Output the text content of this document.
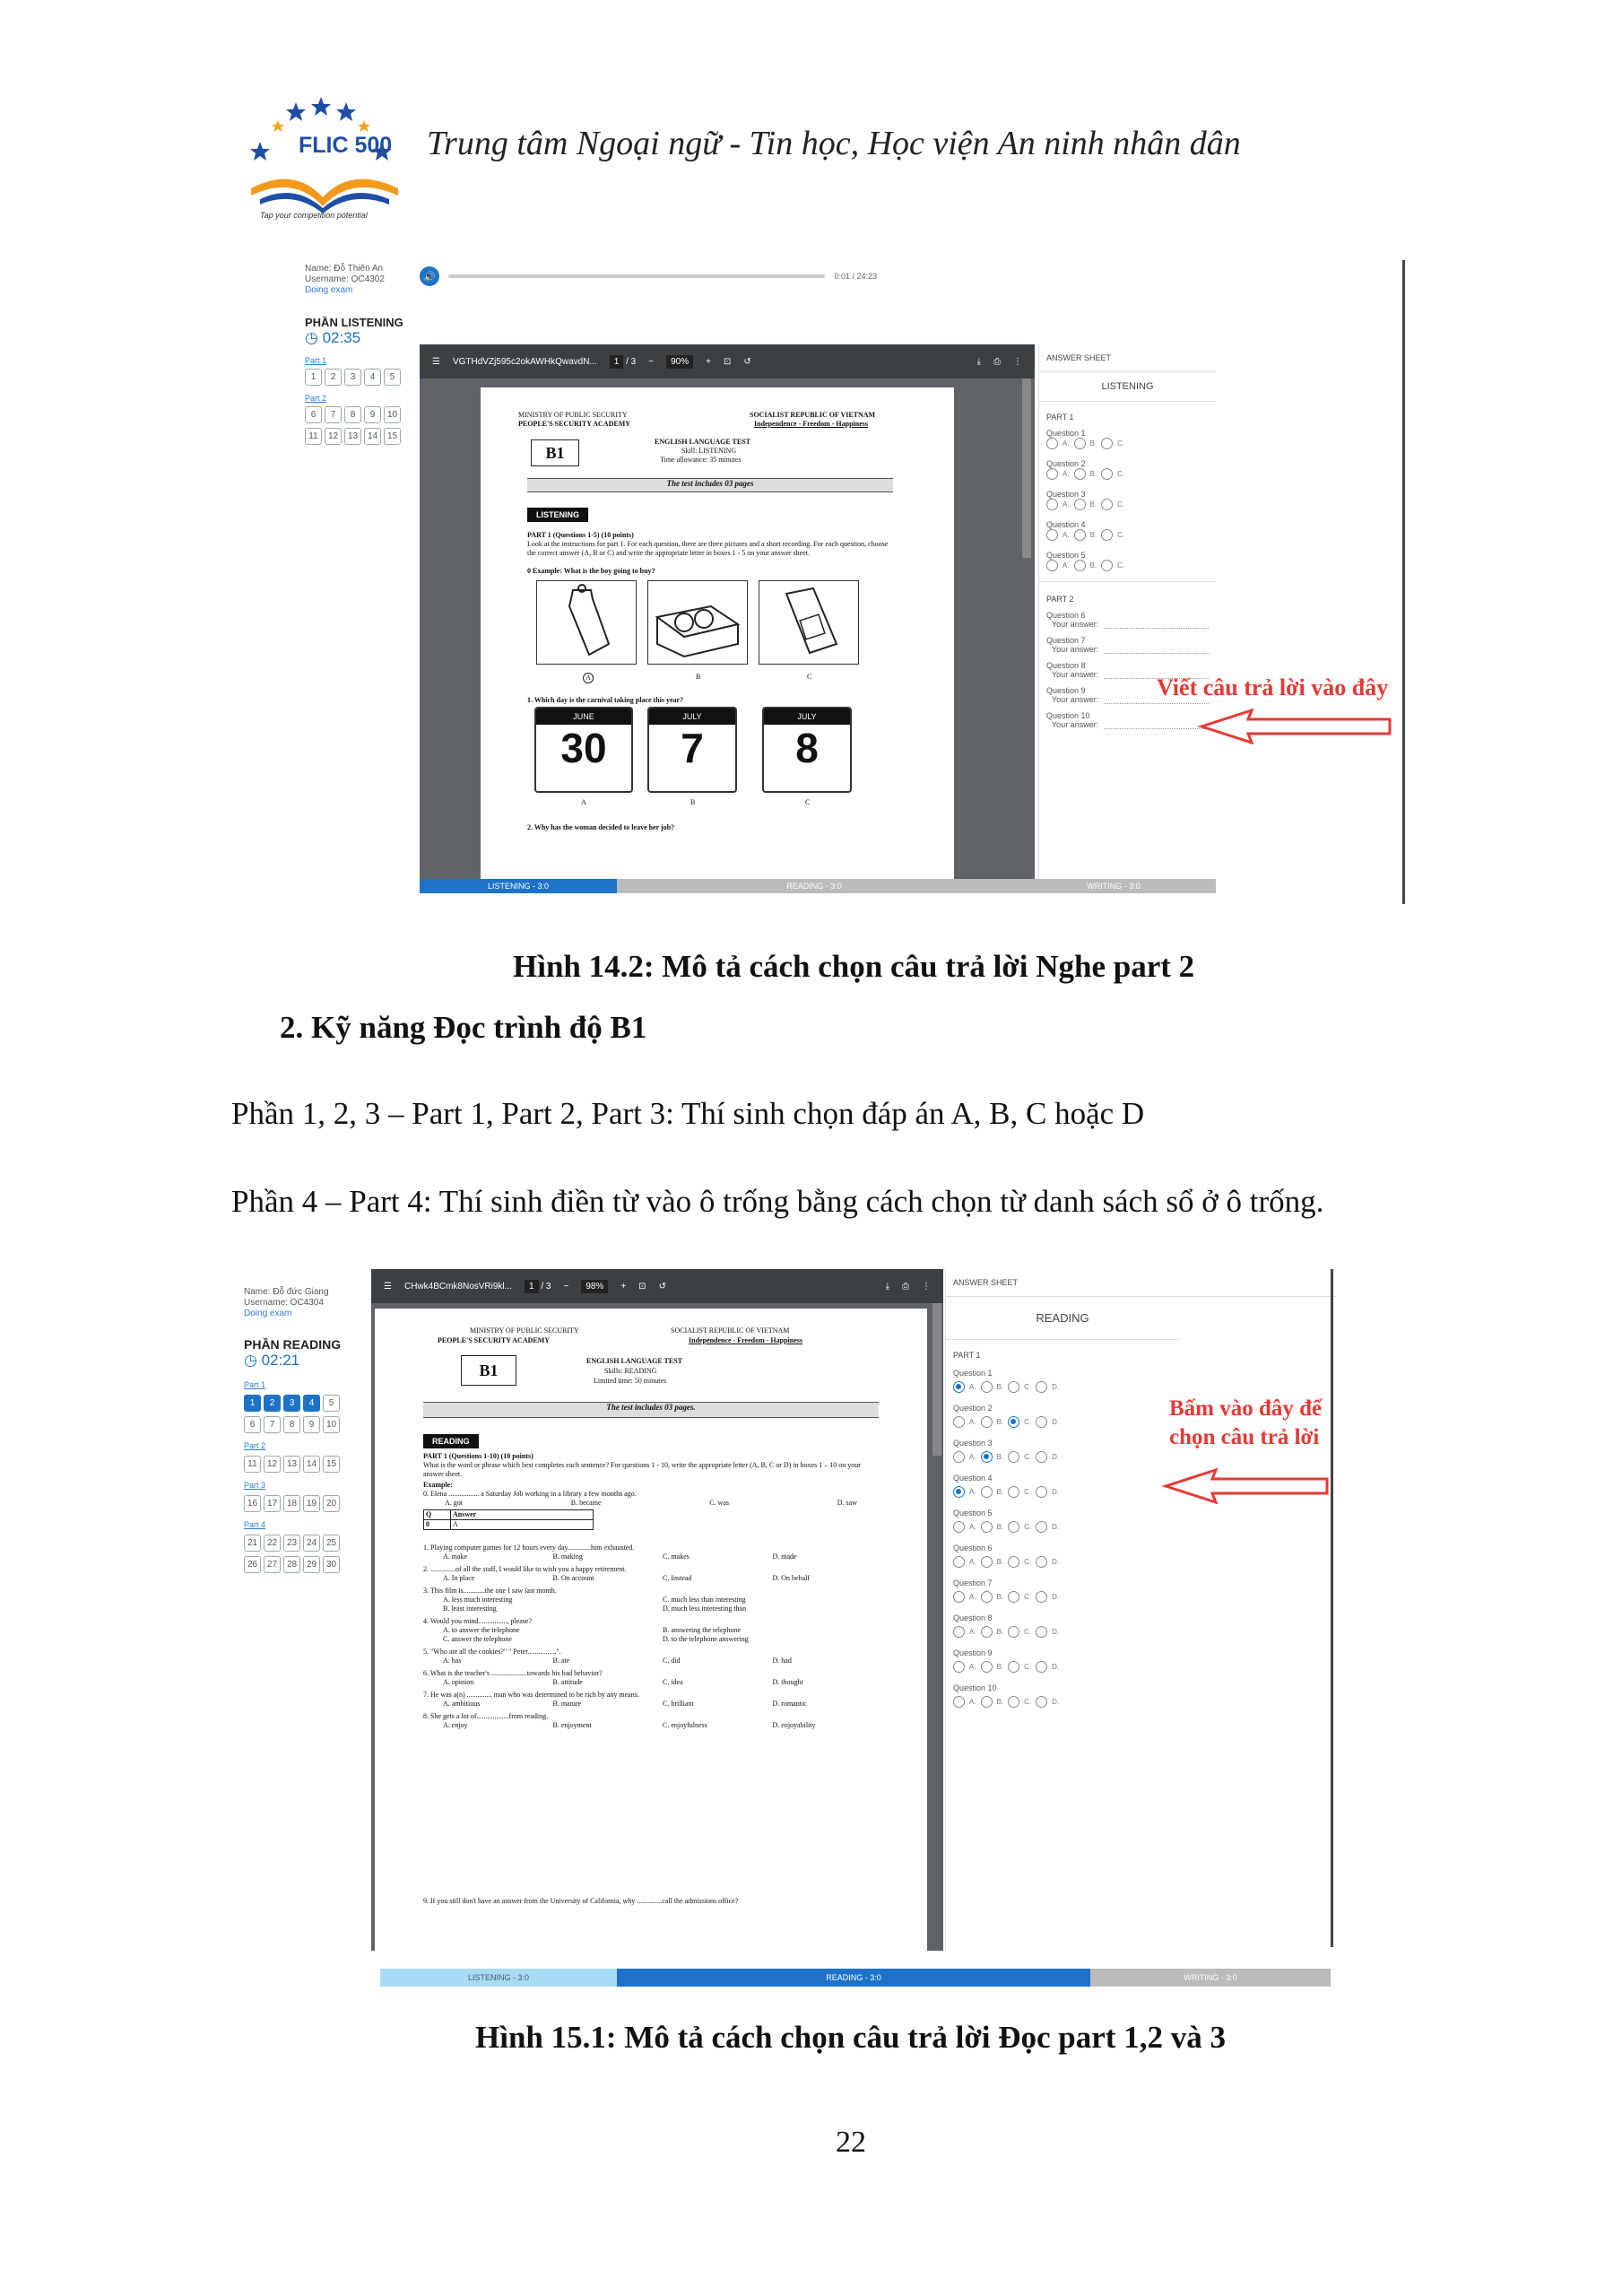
FLIC 500
Tap your competition potential
Trung tâm Ngoại ngữ - Tin học, Học viện An ninh nhân dân
Name: Đỗ Thiên An
Username: OC4302
Doing exam
PHẦN LISTENING
◷ 02:35
Part 1
1	2	3	4	5
Part 2
6	7	8	9	10
11	12	13	14	15
🔊	0:01 / 24:23
☰ VGTHdVZj595c2okAWHkQwavdN...	1 / 3 −	90%	+ ⊡ ↺	⤓ ⎙ ⋮
MINISTRY OF PUBLIC SECURITY
PEOPLE'S SECURITY ACADEMY
SOCIALIST REPUBLIC OF VIETNAM
Independence - Freedom - Happiness
B1
ENGLISH LANGUAGE TEST
Skill: LISTENING
Time allowance: 35 minutes
The test includes 03 pages
LISTENING
PART 1 (Questions 1-5) (10 points)
Look at the instructions for part 1. For each question, there are three pictures and a short recording. For each question, choose the correct answer (A, B or C) and write the appropriate letter in boxes 1 - 5 on your answer sheet.
0 Example: What is the boy going to buy?
A	B	C
1. Which day is the carnival taking place this year?
JUNE
30
JULY
7
JULY
8
A	B	C
2. Why has the woman decided to leave her job?
ANSWER SHEET
LISTENING
PART 1
Question 1
A.	B.	C.
Question 2
A.	B.	C.
Question 3
A.	B.	C.
Question 4
A.	B.	C.
Question 5
A.	B.	C.
PART 2
Question 6
Your answer:
Question 7
Your answer:
Question 8
Your answer:
Question 9
Your answer:
Question 10
Your answer:
Viết câu trả lời vào đây
LISTENING - 3:0	READING - 3:0	WRITING - 3:0
Hình 14.2: Mô tả cách chọn câu trả lời Nghe part 2
2. Kỹ năng Đọc trình độ B1
Phần 1, 2, 3 – Part 1, Part 2, Part 3: Thí sinh chọn đáp án A, B, C hoặc D
Phần 4 – Part 4: Thí sinh điền từ vào ô trống bằng cách chọn từ danh sách sổ ở ô trống.
Name: Đỗ đức Giang
Username: OC4304
Doing exam
PHẦN READING
◷ 02:21
Part 1
1	2	3	4	5
6	7	8	9	10
Part 2
11	12	13	14	15
Part 3
16	17	18	19	20
Part 4
21	22	23	24	25
26	27	28	29	30
☰ CHwk4BCmk8NosVRi9kl...	1 / 3 −	98%	+ ⊡ ↺	⤓ ⎙ ⋮
MINISTRY OF PUBLIC SECURITY
PEOPLE'S SECURITY ACADEMY
SOCIALIST REPUBLIC OF VIETNAM
Independence - Freedom - Happiness
B1	ENGLISH LANGUAGE TEST
Skills: READING
Limited time: 50 minutes
The test includes 03 pages.
READING
PART 1 (Questions 1-10) (10 points)
What is the word or phrase which best completes each sentence? For questions 1 - 10, write the appropriate letter (A, B, C or D) in boxes 1 – 10 on your answer sheet.
Example:
0. Elena ................. a Saturday Job working in a library a few months ago.
A. got	B. became	C. was	D. saw
Q	Answer
0	A
1. Playing computer games for 12 hours every day.............him exhausted.
A. make	B. making	C. makes	D. made
2. ..............of all the staff, I would like to wish you a happy retirement.
A. In place	B. On account	C. Instead	D. On behalf
3. This film is............the one I saw last month.
A. less much interesting	C. much less than interesting
B. least interesting	D. much less interesting than
4. Would you mind................, please?
A. to answer the telephone	B. answering the telephone
C. answer the telephone	D. to the telephone answering
5. "Who ate all the cookies?" " Peter................".
A. has	B. ate	C. did	D. had
6. What is the teacher's ....................towards his bad behavior?
A. opinion	B. attitude	C. idea	D. thought
7. He was a(n) .............. man who was determined to be rich by any means.
A. ambitious	B. mature	C. brilliant	D. romantic
8. She gets a lot of..................from reading.
A. enjoy	B. enjoyment	C. enjoyfulness	D. enjoyability
9. If you still don't have an answer from the University of California, why ..............call the admissions office?
ANSWER SHEET
READING
PART 1
Question 1
A.	B.	C.	D.
Question 2
A.	B.	C.	D.
Question 3
A.	B.	C.	D.
Question 4
A.	B.	C.	D.
Question 5
A.	B.	C.	D.
Question 6
A.	B.	C.	D.
Question 7
A.	B.	C.	D.
Question 8
A.	B.	C.	D.
Question 9
A.	B.	C.	D.
Question 10
A.	B.	C.	D.
Bấm vào đây để chọn câu trả lời
LISTENING - 3:0	READING - 3:0	WRITING - 3:0
Hình 15.1: Mô tả cách chọn câu trả lời Đọc part 1,2 và 3
22
